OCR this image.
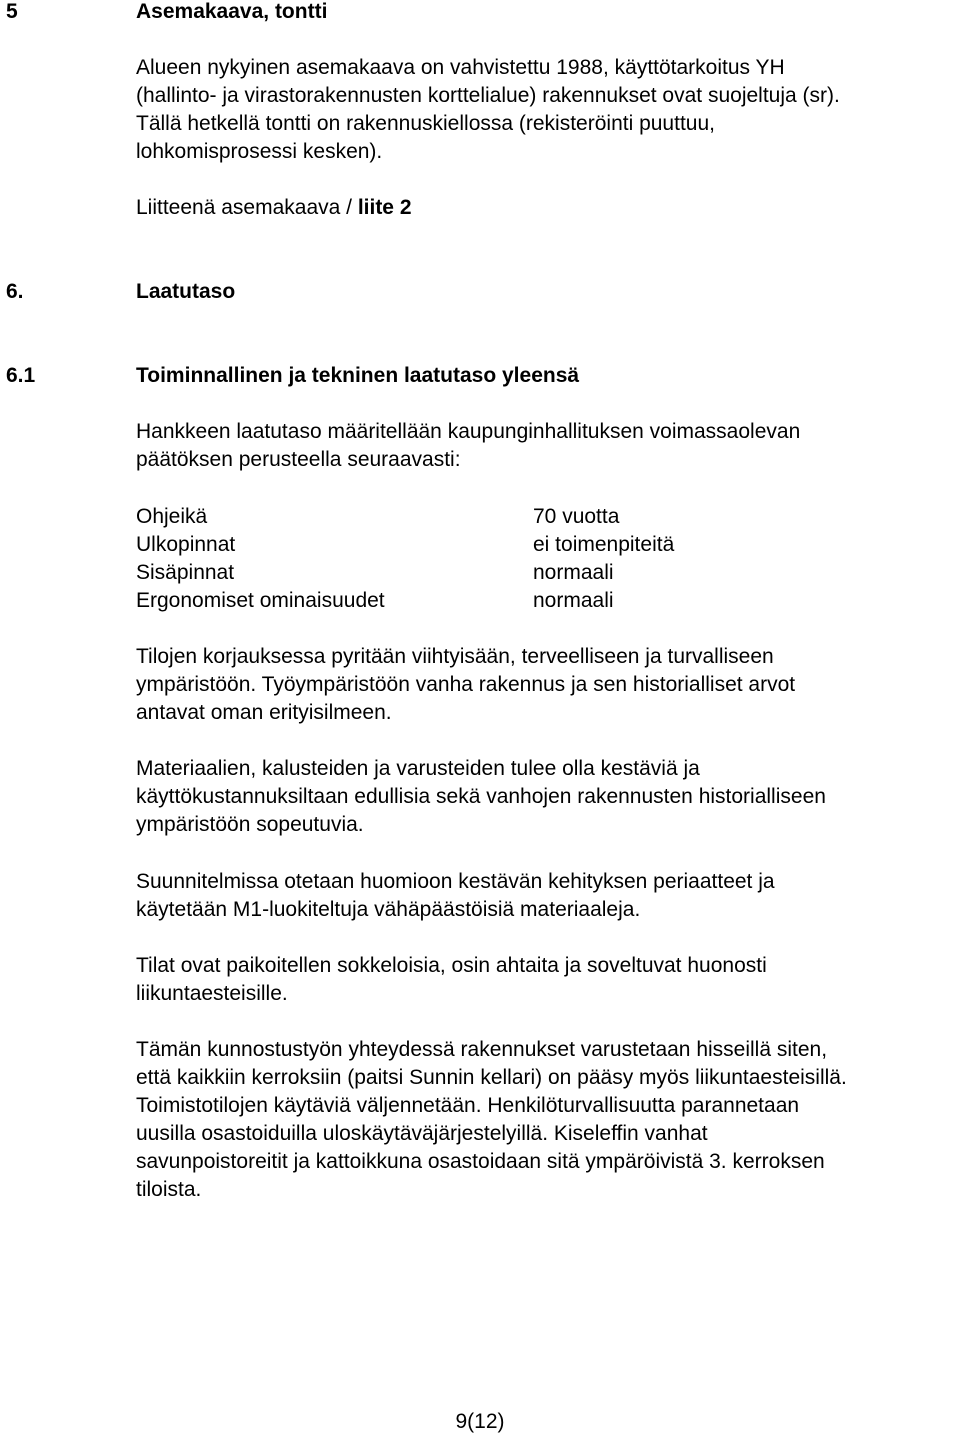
5	Asemakaava, tontti
Alueen nykyinen asemakaava on vahvistettu 1988, käyttötarkoitus YH
(hallinto- ja virastorakennusten korttelialue) rakennukset ovat suojeltuja (sr).
Tällä hetkellä tontti on rakennuskiellossa (rekisteröinti puuttuu,
lohkomisprosessi kesken).
Liitteenä asemakaava / liite 2
6.	Laatutaso
6.1	Toiminnallinen ja tekninen laatutaso yleensä
Hankkeen laatutaso määritellään kaupunginhallituksen voimassaolevan
päätöksen perusteella seuraavasti:
Ohjeikä	70 vuotta
Ulkopinnat	ei toimenpiteitä
Sisäpinnat	normaali
Ergonomiset ominaisuudet	normaali
Tilojen korjauksessa pyritään viihtyisään, terveelliseen ja turvalliseen
ympäristöön. Työympäristöön vanha rakennus ja sen historialliset arvot
antavat oman erityisilmeen.
Materiaalien, kalusteiden ja varusteiden tulee olla kestäviä ja
käyttökustannuksiltaan edullisia sekä vanhojen rakennusten historialliseen
ympäristöön sopeutuvia.
Suunnitelmissa otetaan huomioon kestävän kehityksen periaatteet ja
käytetään M1-luokiteltuja vähäpäästöisiä materiaaleja.
Tilat ovat paikoitellen sokkeloisia, osin ahtaita ja soveltuvat huonosti
liikuntaesteisille.
Tämän kunnostustyön yhteydessä rakennukset varustetaan hisseillä siten,
että kaikkiin kerroksiin (paitsi Sunnin kellari) on pääsy myös liikuntaesteisillä.
Toimistotilojen käytäviä väljennetään. Henkilöturvallisuutta parannetaan
uusilla osastoiduilla uloskäytäväjärjestelyillä. Kiseleffin vanhat
savunpoistoreitit ja kattoikkuna osastoidaan sitä ympäröivistä 3. kerroksen
tiloista.
9(12)
